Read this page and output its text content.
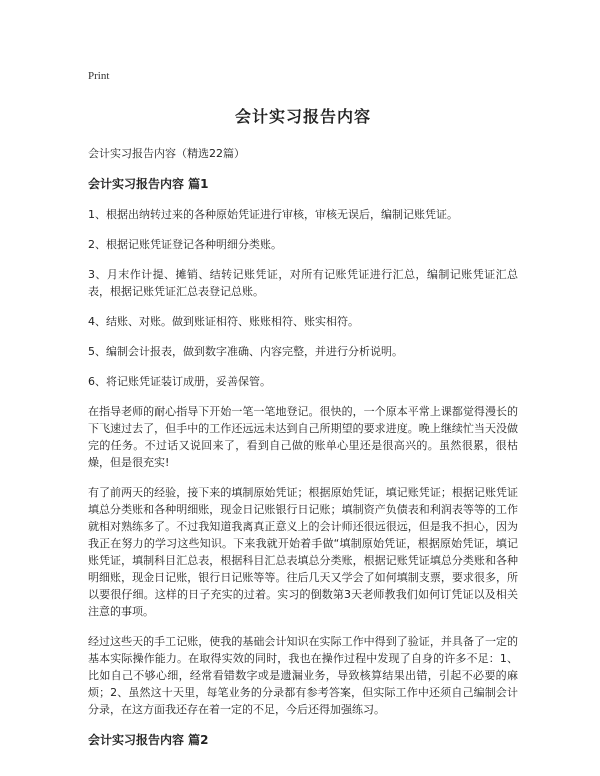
Print
会计实习报告内容
会计实习报告内容（精选22篇）
会计实习报告内容 篇1

1、根据出纳转过来的各种原始凭证进行审核，审核无误后，编制记账凭证。

2、根据记账凭证登记各种明细分类账。

3、月末作计提、摊销、结转记账凭证，对所有记账凭证进行汇总，编制记账凭证汇总表，根据记账凭证汇总表登记总账。

4、结账、对账。做到账证相符、账账相符、账实相符。

5、编制会计报表，做到数字准确、内容完整，并进行分析说明。

6、将记账凭证装订成册，妥善保管。

在指导老师的耐心指导下开始一笔一笔地登记。很快的，一个原本平常上课都觉得漫长的下飞速过去了，但手中的工作还远远未达到自己所期望的要求进度。晚上继续忙当天没做完的任务。不过话又说回来了，看到自己做的账单心里还是很高兴的。虽然很累，很枯燥，但是很充实!

有了前两天的经验，接下来的填制原始凭证；根据原始凭证，填记账凭证；根据记账凭证填总分类账和各种明细账，现金日记账银行日记账；填制资产负债表和利润表等等的工作就相对熟练多了。不过我知道我离真正意义上的会计师还很远很远，但是我不担心，因为我正在努力的学习这些知识。下来我就开始着手做“填制原始凭证，根据原始凭证，填记账凭证，填制科目汇总表，根据科目汇总表填总分类账，根据记账凭证填总分类账和各种明细账，现金日记账，银行日记账等等。往后几天又学会了如何填制支票，要求很多，所以要很仔细。这样的日子充实的过着。实习的倒数第3天老师教我们如何订凭证以及相关注意的事项。

经过这些天的手工记账，使我的基础会计知识在实际工作中得到了验证，并具备了一定的基本实际操作能力。在取得实效的同时，我也在操作过程中发现了自身的许多不足：1、比如自己不够心细，经常看错数字或是遗漏业务，导致核算结果出错，引起不必要的麻烦；2、虽然这十天里，每笔业务的分录都有参考答案，但实际工作中还须自己编制会计分录，在这方面我还存在着一定的不足，今后还得加强练习。

会计实习报告内容 篇2
